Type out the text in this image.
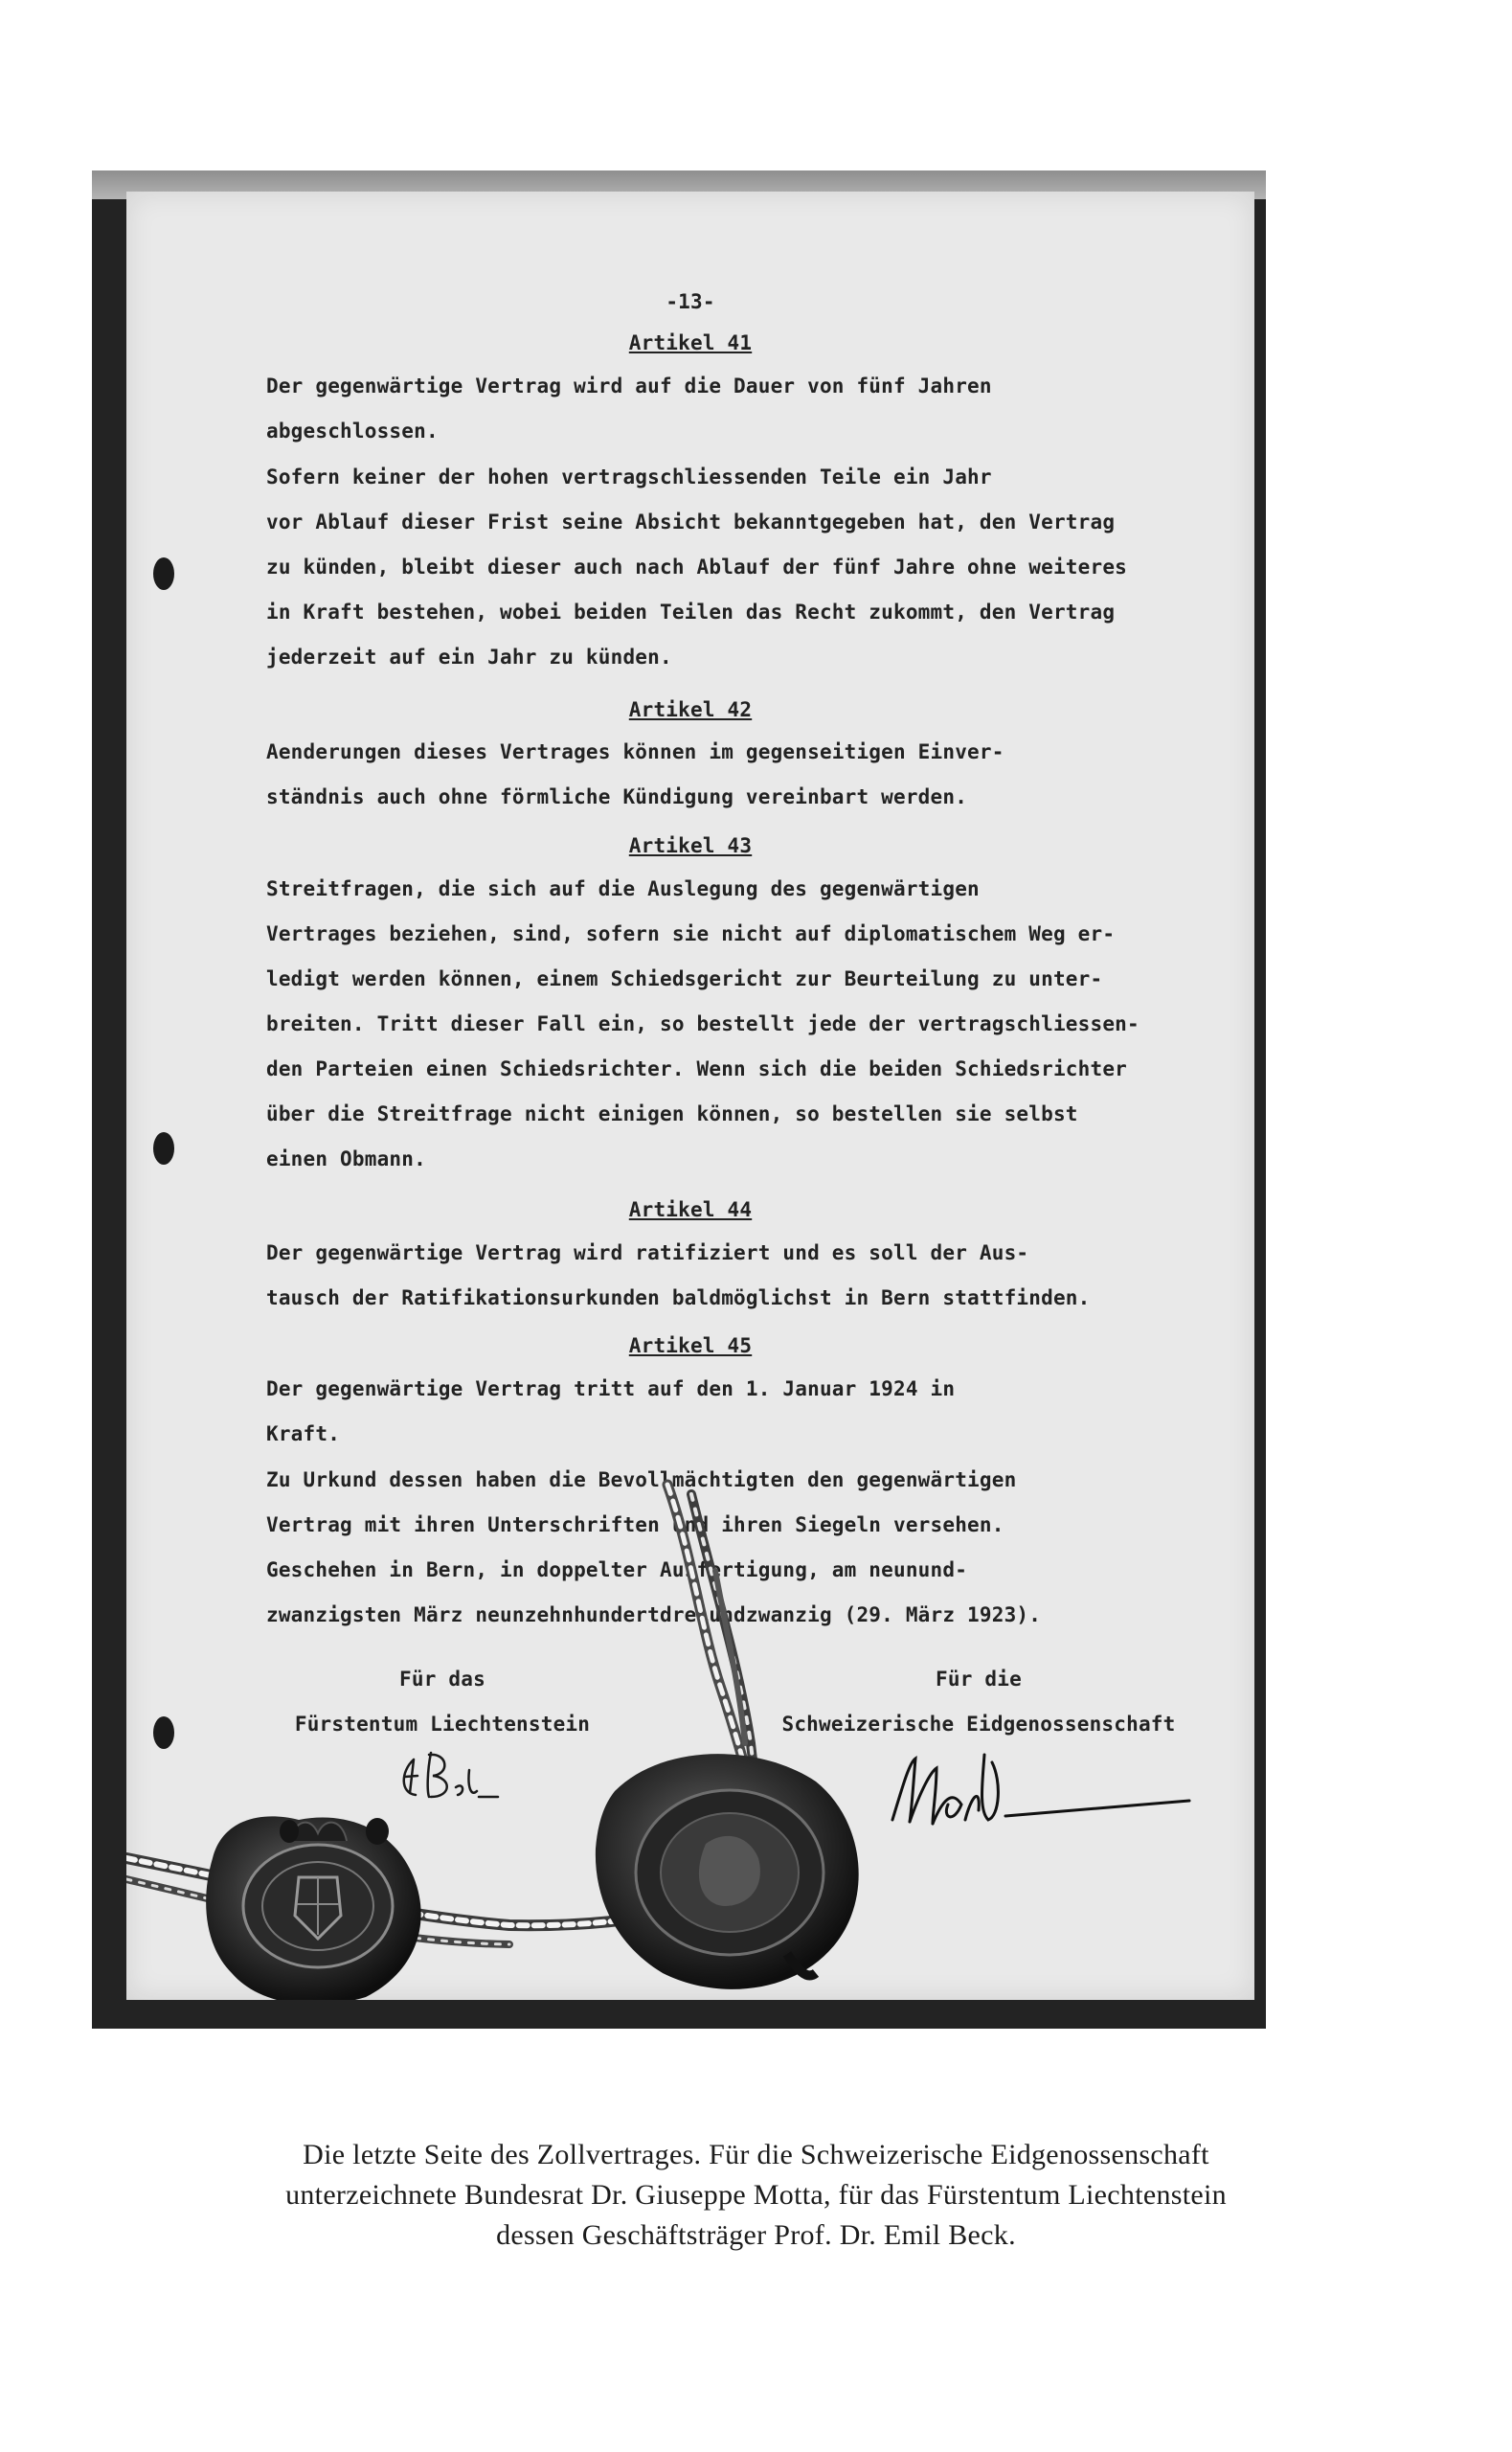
-13-
Artikel 41
Der gegenwärtige Vertrag wird auf die Dauer von fünf Jahren
abgeschlossen.
Sofern keiner der hohen vertragschliessenden Teile ein Jahr
vor Ablauf dieser Frist seine Absicht bekanntgegeben hat, den Vertrag
zu künden, bleibt dieser auch nach Ablauf der fünf Jahre ohne weiteres
in Kraft bestehen, wobei beiden Teilen das Recht zukommt, den Vertrag
jederzeit auf ein Jahr zu künden.
Artikel 42
Aenderungen dieses Vertrages können im gegenseitigen Einver-
ständnis auch ohne förmliche Kündigung vereinbart werden.
Artikel 43
Streitfragen, die sich auf die Auslegung des gegenwärtigen
Vertrages beziehen, sind, sofern sie nicht auf diplomatischem Weg er-
ledigt werden können, einem Schiedsgericht zur Beurteilung zu unter-
breiten. Tritt dieser Fall ein, so bestellt jede der vertragschliessen-
den Parteien einen Schiedsrichter. Wenn sich die beiden Schiedsrichter
über die Streitfrage nicht einigen können, so bestellen sie selbst
einen Obmann.
Artikel 44
Der gegenwärtige Vertrag wird ratifiziert und es soll der Aus-
tausch der Ratifikationsurkunden baldmöglichst in Bern stattfinden.
Artikel 45
Der gegenwärtige Vertrag tritt auf den 1. Januar 1924 in
Kraft.
Zu Urkund dessen haben die Bevollmächtigten den gegenwärtigen
Vertrag mit ihren Unterschriften und ihren Siegeln versehen.
Geschehen in Bern, in doppelter Ausfertigung, am neunund-
zwanzigsten März neunzehnhundertdreiundzwanzig (29. März 1923).
Für das
Fürstentum Liechtenstein
Für die
Schweizerische Eidgenossenschaft
Die letzte Seite des Zollvertrages. Für die Schweizerische Eidgenossenschaft
unterzeichnete Bundesrat Dr. Giuseppe Motta, für das Fürstentum Liechtenstein
dessen Geschäftsträger Prof. Dr. Emil Beck.
